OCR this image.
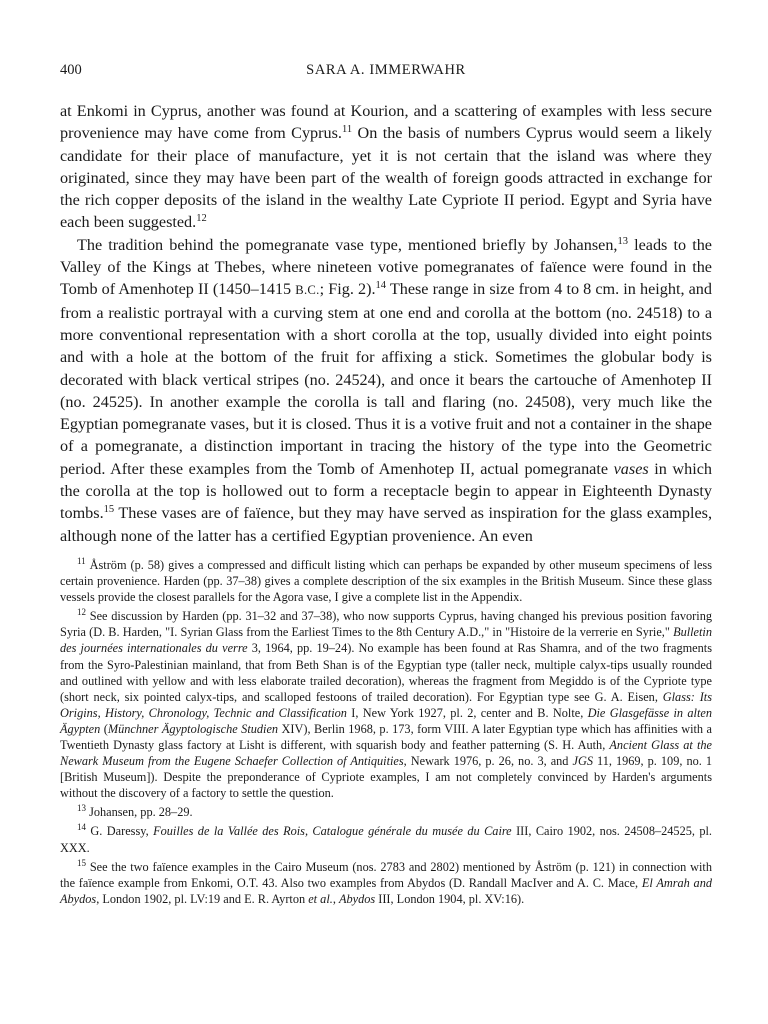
400	SARA A. IMMERWAHR

at Enkomi in Cyprus, another was found at Kourion, and a scattering of examples with less secure provenience may have come from Cyprus.$^{11}$ On the basis of numbers Cyprus would seem a likely candidate for their place of manufacture, yet it is not certain that the island was where they originated, since they may have been part of the wealth of foreign goods attracted in exchange for the rich copper deposits of the island in the wealthy Late Cypriote II period. Egypt and Syria have each been suggested.$^{12}$

The tradition behind the pomegranate vase type, mentioned briefly by Johansen,$^{13}$ leads to the Valley of the Kings at Thebes, where nineteen votive pomegranates of faïence were found in the Tomb of Amenhotep II (1450–1415 B.C.; Fig. 2).$^{14}$ These range in size from 4 to 8 cm. in height, and from a realistic portrayal with a curving stem at one end and corolla at the bottom (no. 24518) to a more conventional representation with a short corolla at the top, usually divided into eight points and with a hole at the bottom of the fruit for affixing a stick. Sometimes the globular body is decorated with black vertical stripes (no. 24524), and once it bears the cartouche of Amenhotep II (no. 24525). In another example the corolla is tall and flaring (no. 24508), very much like the Egyptian pomegranate vases, but it is closed. Thus it is a votive fruit and not a container in the shape of a pomegranate, a distinction important in tracing the history of the type into the Geometric period. After these examples from the Tomb of Amenhotep II, actual pomegranate vases in which the corolla at the top is hollowed out to form a receptacle begin to appear in Eighteenth Dynasty tombs.$^{15}$ These vases are of faïence, but they may have served as inspiration for the glass examples, although none of the latter has a certified Egyptian provenience. An even

$^{11}$ Åström (p. 58) gives a compressed and difficult listing which can perhaps be expanded by other museum specimens of less certain provenience. Harden (pp. 37–38) gives a complete description of the six examples in the British Museum. Since these glass vessels provide the closest parallels for the Agora vase, I give a complete list in the Appendix.

$^{12}$ See discussion by Harden (pp. 31–32 and 37–38), who now supports Cyprus, having changed his previous position favoring Syria (D. B. Harden, "I. Syrian Glass from the Earliest Times to the 8th Century A.D.," in "Histoire de la verrerie en Syrie," Bulletin des journées internationales du verre 3, 1964, pp. 19–24). No example has been found at Ras Shamra, and of the two fragments from the Syro-Palestinian mainland, that from Beth Shan is of the Egyptian type (taller neck, multiple calyx-tips usually rounded and outlined with yellow and with less elaborate trailed decoration), whereas the fragment from Megiddo is of the Cypriote type (short neck, six pointed calyx-tips, and scalloped festoons of trailed decoration). For Egyptian type see G. A. Eisen, Glass: Its Origins, History, Chronology, Technic and Classification I, New York 1927, pl. 2, center and B. Nolte, Die Glasgefässe in alten Ägypten (Münchner Ägyptologische Studien XIV), Berlin 1968, p. 173, form VIII. A later Egyptian type which has affinities with a Twentieth Dynasty glass factory at Lisht is different, with squarish body and feather patterning (S. H. Auth, Ancient Glass at the Newark Museum from the Eugene Schaefer Collection of Antiquities, Newark 1976, p. 26, no. 3, and JGS 11, 1969, p. 109, no. 1 [British Museum]). Despite the preponderance of Cypriote examples, I am not completely convinced by Harden's arguments without the discovery of a factory to settle the question.

$^{13}$ Johansen, pp. 28–29.

$^{14}$ G. Daressy, Fouilles de la Vallée des Rois, Catalogue générale du musée du Caire III, Cairo 1902, nos. 24508–24525, pl. XXX.

$^{15}$ See the two faïence examples in the Cairo Museum (nos. 2783 and 2802) mentioned by Åström (p. 121) in connection with the faïence example from Enkomi, O.T. 43. Also two examples from Abydos (D. Randall MacIver and A. C. Mace, El Amrah and Abydos, London 1902, pl. LV:19 and E. R. Ayrton et al., Abydos III, London 1904, pl. XV:16).
